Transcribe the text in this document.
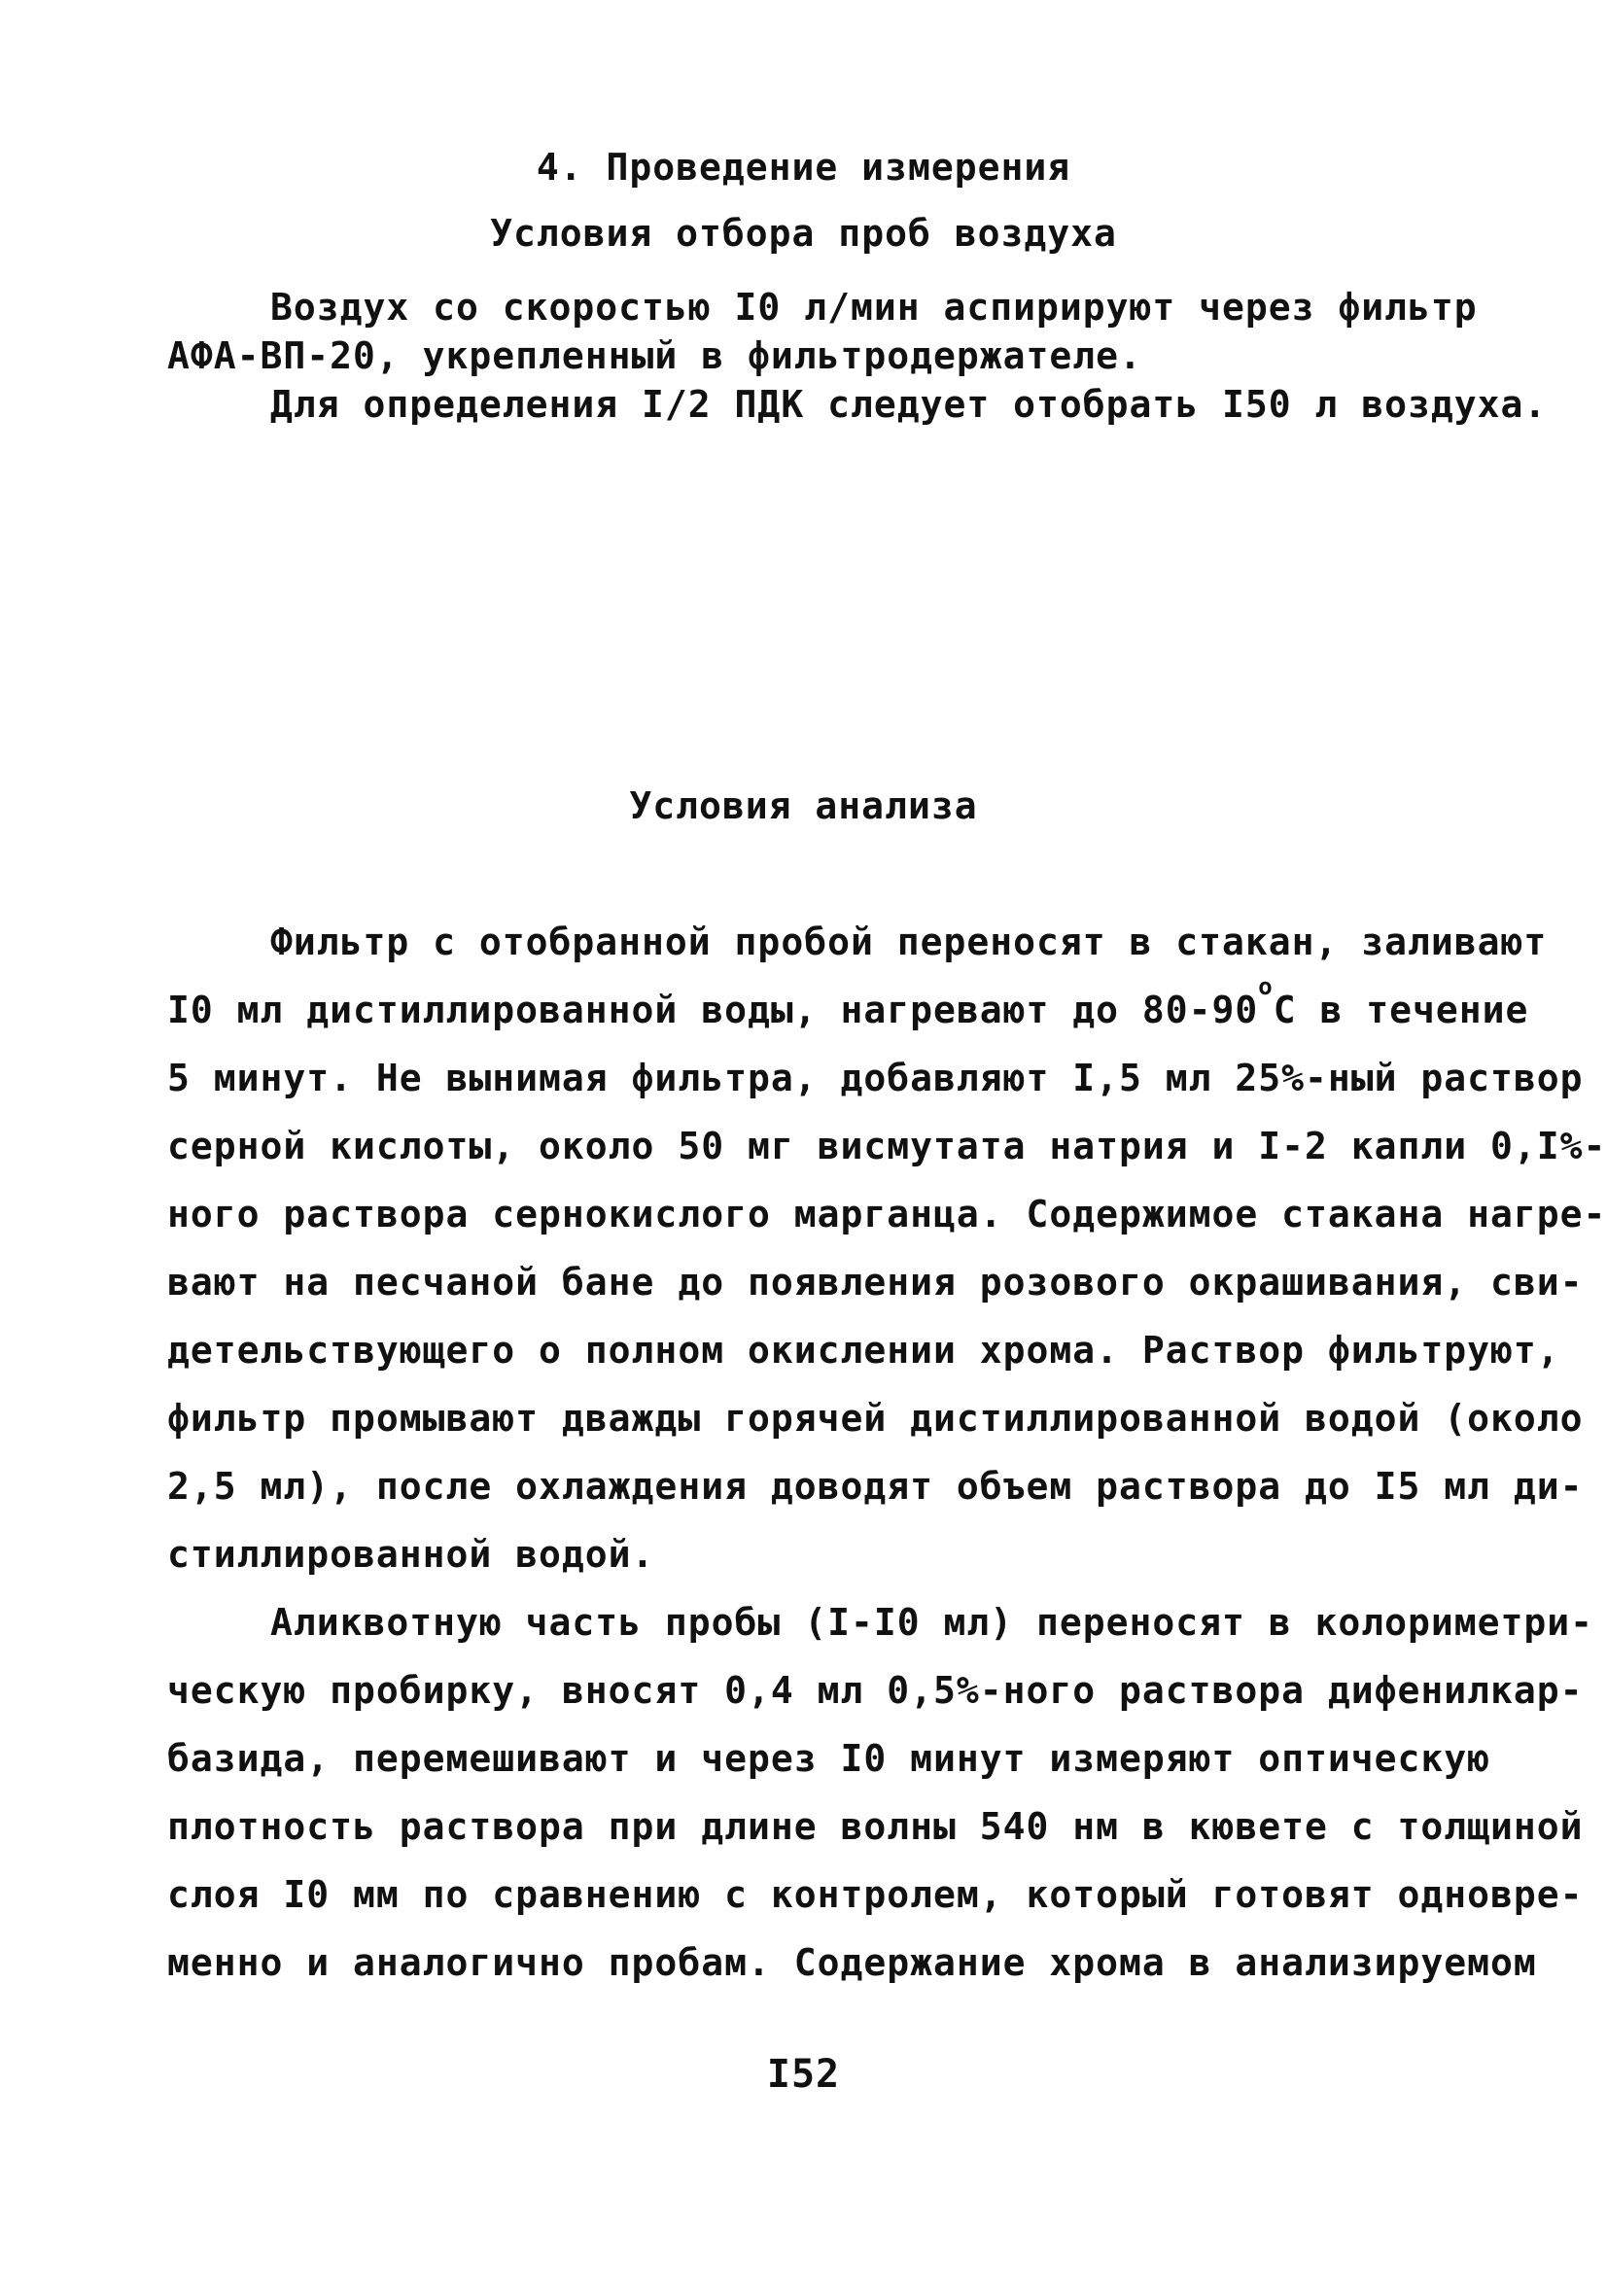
4. Проведение измерения
Условия отбора проб воздуха
Воздух со скоростью I0 л/мин аспирируют через фильтр
АФА-ВП-20, укрепленный в фильтродержателе.
Для определения I/2 ПДК следует отобрать I50 л воздуха.
Условия анализа
Фильтр с отобранной пробой переносят в стакан, заливают
I0 мл дистиллированной воды, нагревают до 80-90
о
С в течение
5 минут. Не вынимая фильтра, добавляют I,5 мл 25%-ный раствор
серной кислоты, около 50 мг висмутата натрия и I-2 капли 0,I%-
ного раствора сернокислого марганца. Содержимое стакана нагре-
вают на песчаной бане до появления розового окрашивания, сви-
детельствующего о полном окислении хрома. Раствор фильтруют,
фильтр промывают дважды горячей дистиллированной водой (около
2,5 мл), после охлаждения доводят объем раствора до I5 мл ди-
стиллированной водой.
Аликвотную часть пробы (I-I0 мл) переносят в колориметри-
ческую пробирку, вносят 0,4 мл 0,5%-ного раствора дифенилкар-
базида, перемешивают и через I0 минут измеряют оптическую
плотность раствора при длине волны 540 нм в кювете с толщиной
слоя I0 мм по сравнению с контролем, который готовят одновре-
менно и аналогично пробам. Содержание хрома в анализируемом
I52
